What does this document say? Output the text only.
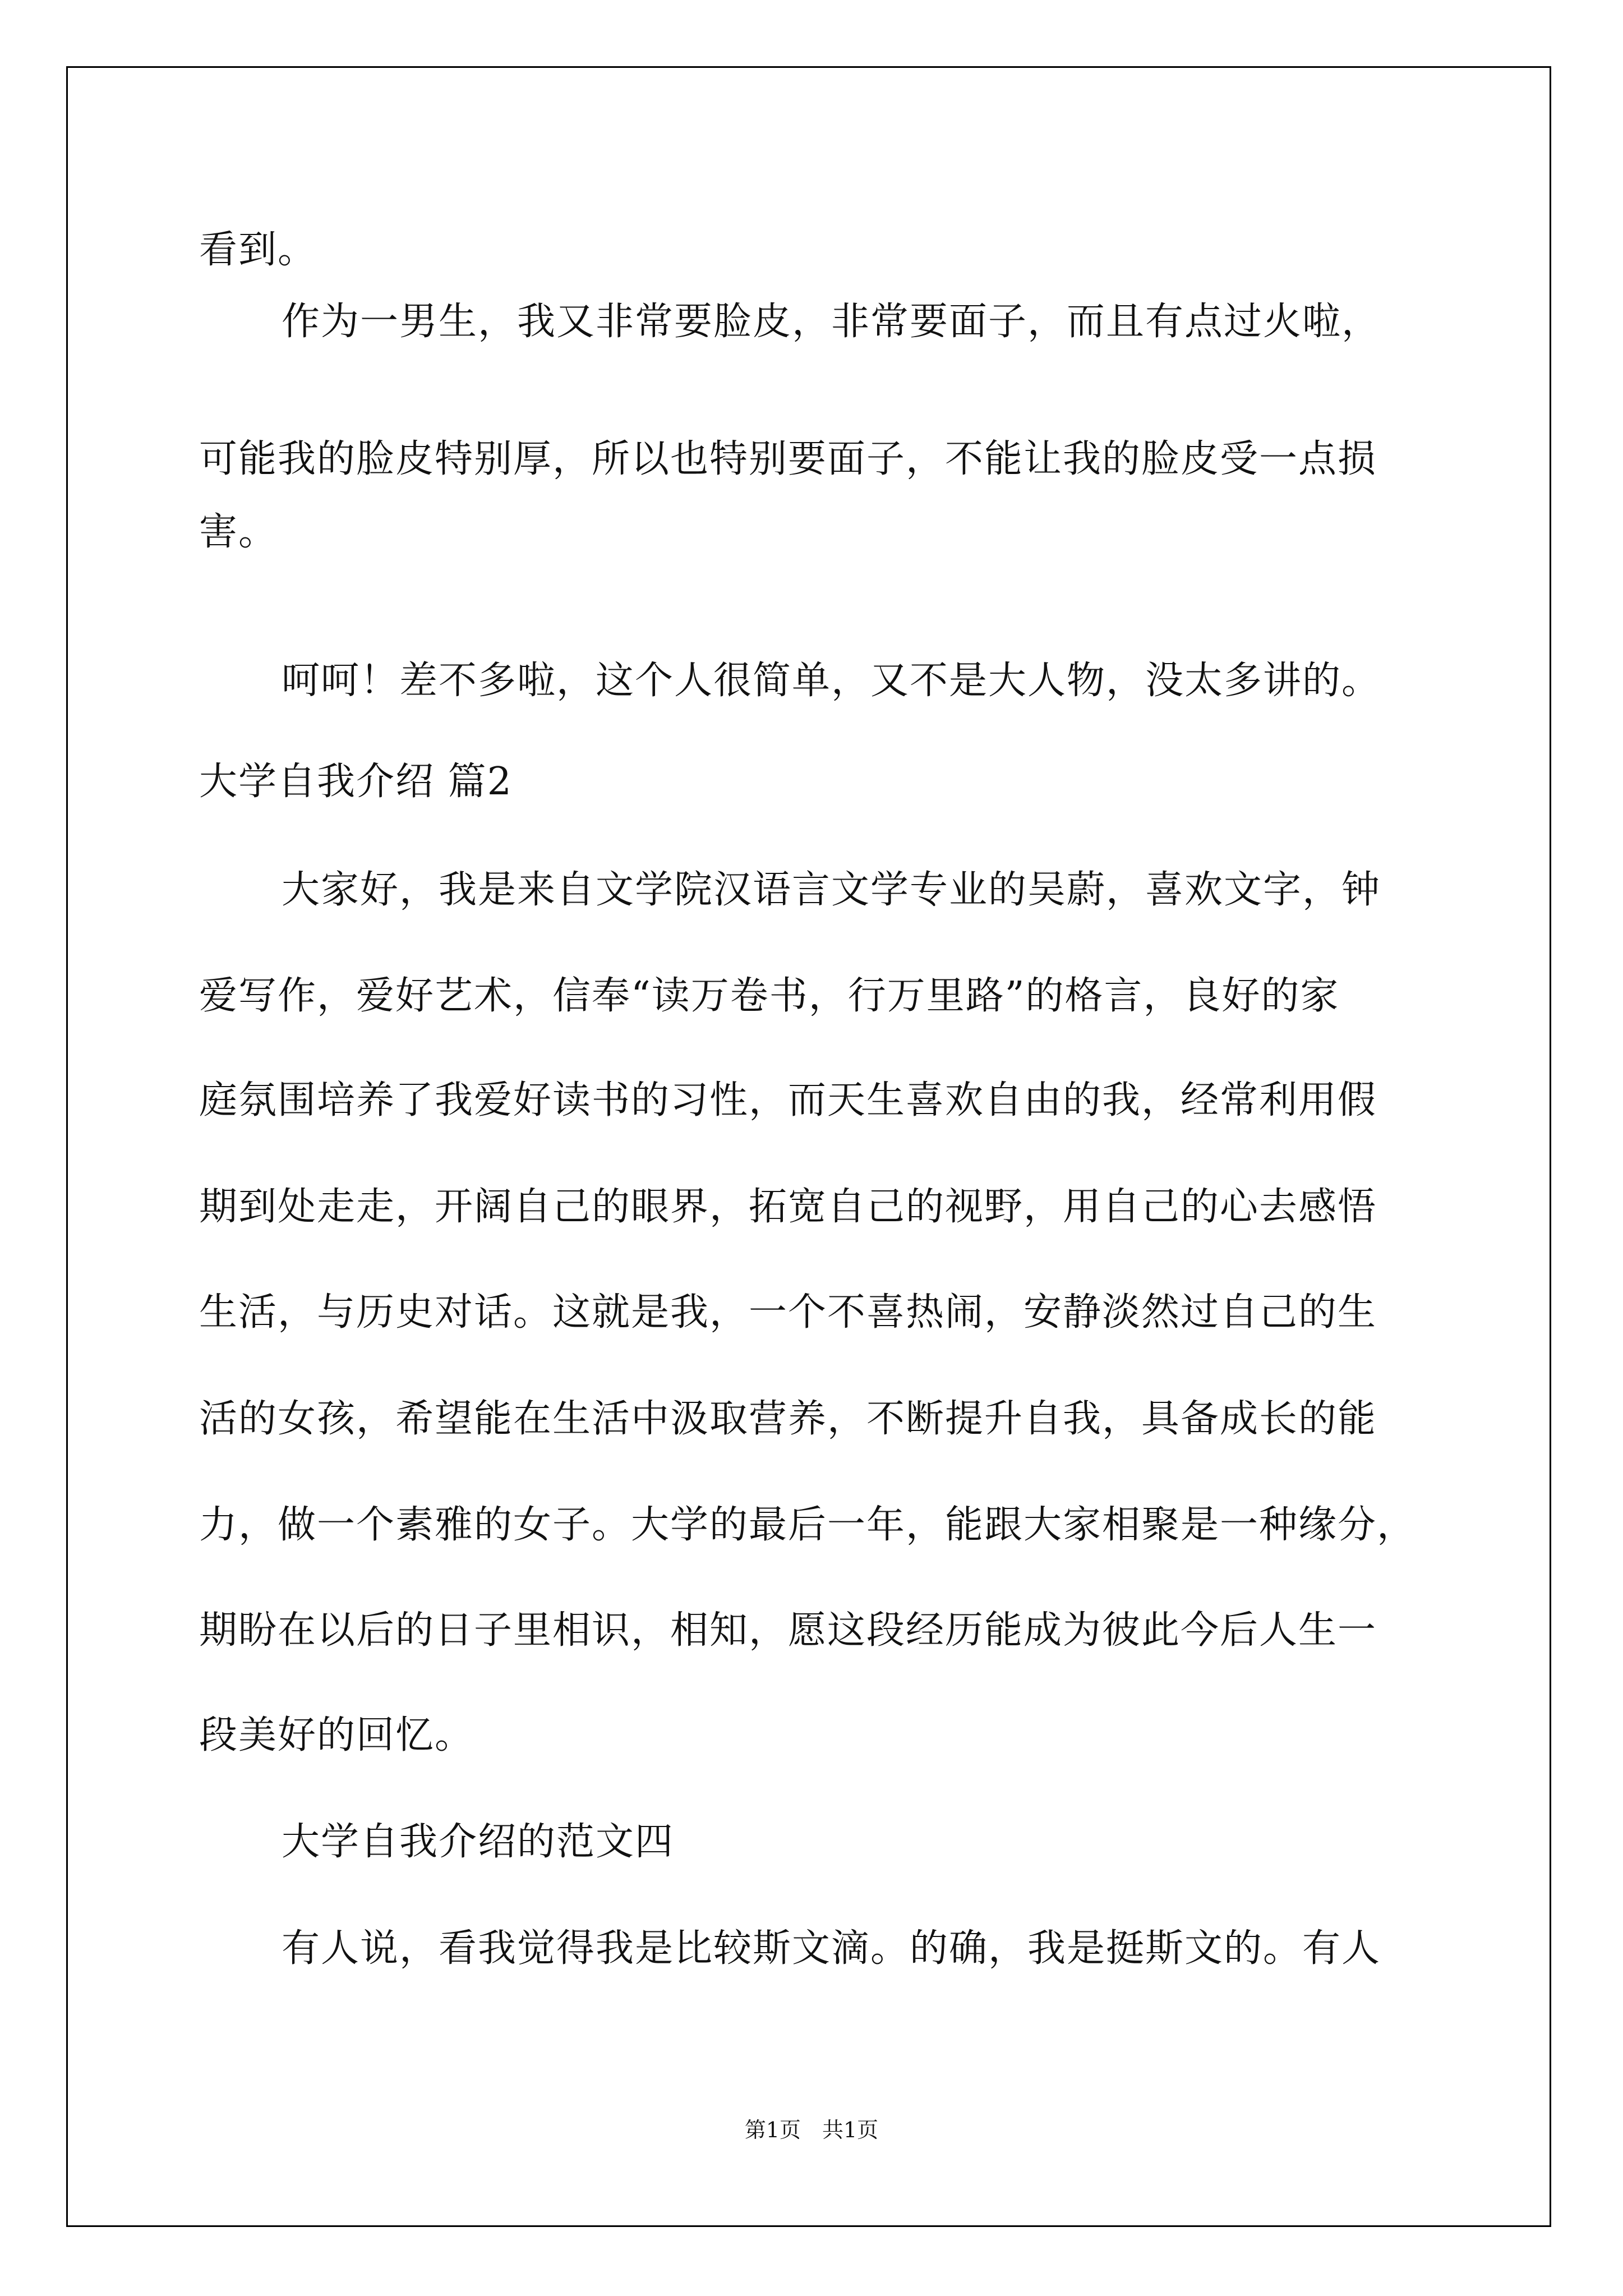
看到。
作为一男生，我又非常要脸皮，非常要面子，而且有点过火啦，
可能我的脸皮特别厚，所以也特别要面子，不能让我的脸皮受一点损
害。
呵呵！差不多啦，这个人很简单，又不是大人物，没太多讲的。
大学自我介绍 篇2
大家好，我是来自文学院汉语言文学专业的吴蔚，喜欢文字，钟
爱写作，爱好艺术，信奉“读万卷书，行万里路”的格言，良好的家
庭氛围培养了我爱好读书的习性，而天生喜欢自由的我，经常利用假
期到处走走，开阔自己的眼界，拓宽自己的视野，用自己的心去感悟
生活，与历史对话。这就是我，一个不喜热闹，安静淡然过自己的生
活的女孩，希望能在生活中汲取营养，不断提升自我，具备成长的能
力，做一个素雅的女子。大学的最后一年，能跟大家相聚是一种缘分，
期盼在以后的日子里相识，相知，愿这段经历能成为彼此今后人生一
段美好的回忆。
大学自我介绍的范文四
有人说，看我觉得我是比较斯文滴。的确，我是挺斯文的。有人
第1页　共1页
